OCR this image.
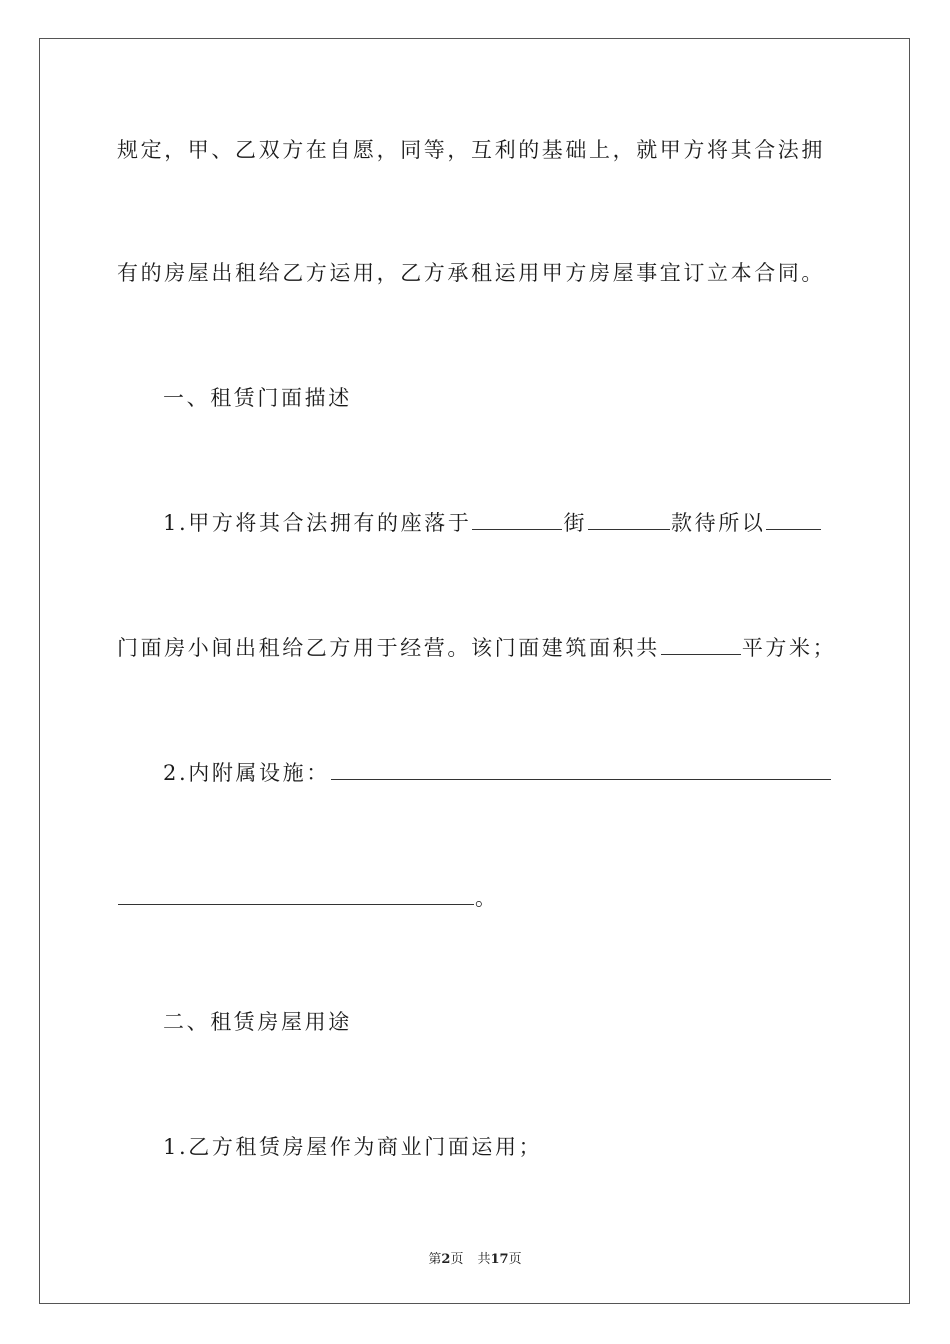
规定，甲、乙双方在自愿，同等，互利的基础上，就甲方将其合法拥

有的房屋出租给乙方运用，乙方承租运用甲方房屋事宜订立本合同。

一、租赁门面描述

1.甲方将其合法拥有的座落于	街	款待所以

门面房小间出租给乙方用于经营。该门面建筑面积共	平方米；

2.内附属设施：

。

二、租赁房屋用途

1.乙方租赁房屋作为商业门面运用；

第2页 共17页
